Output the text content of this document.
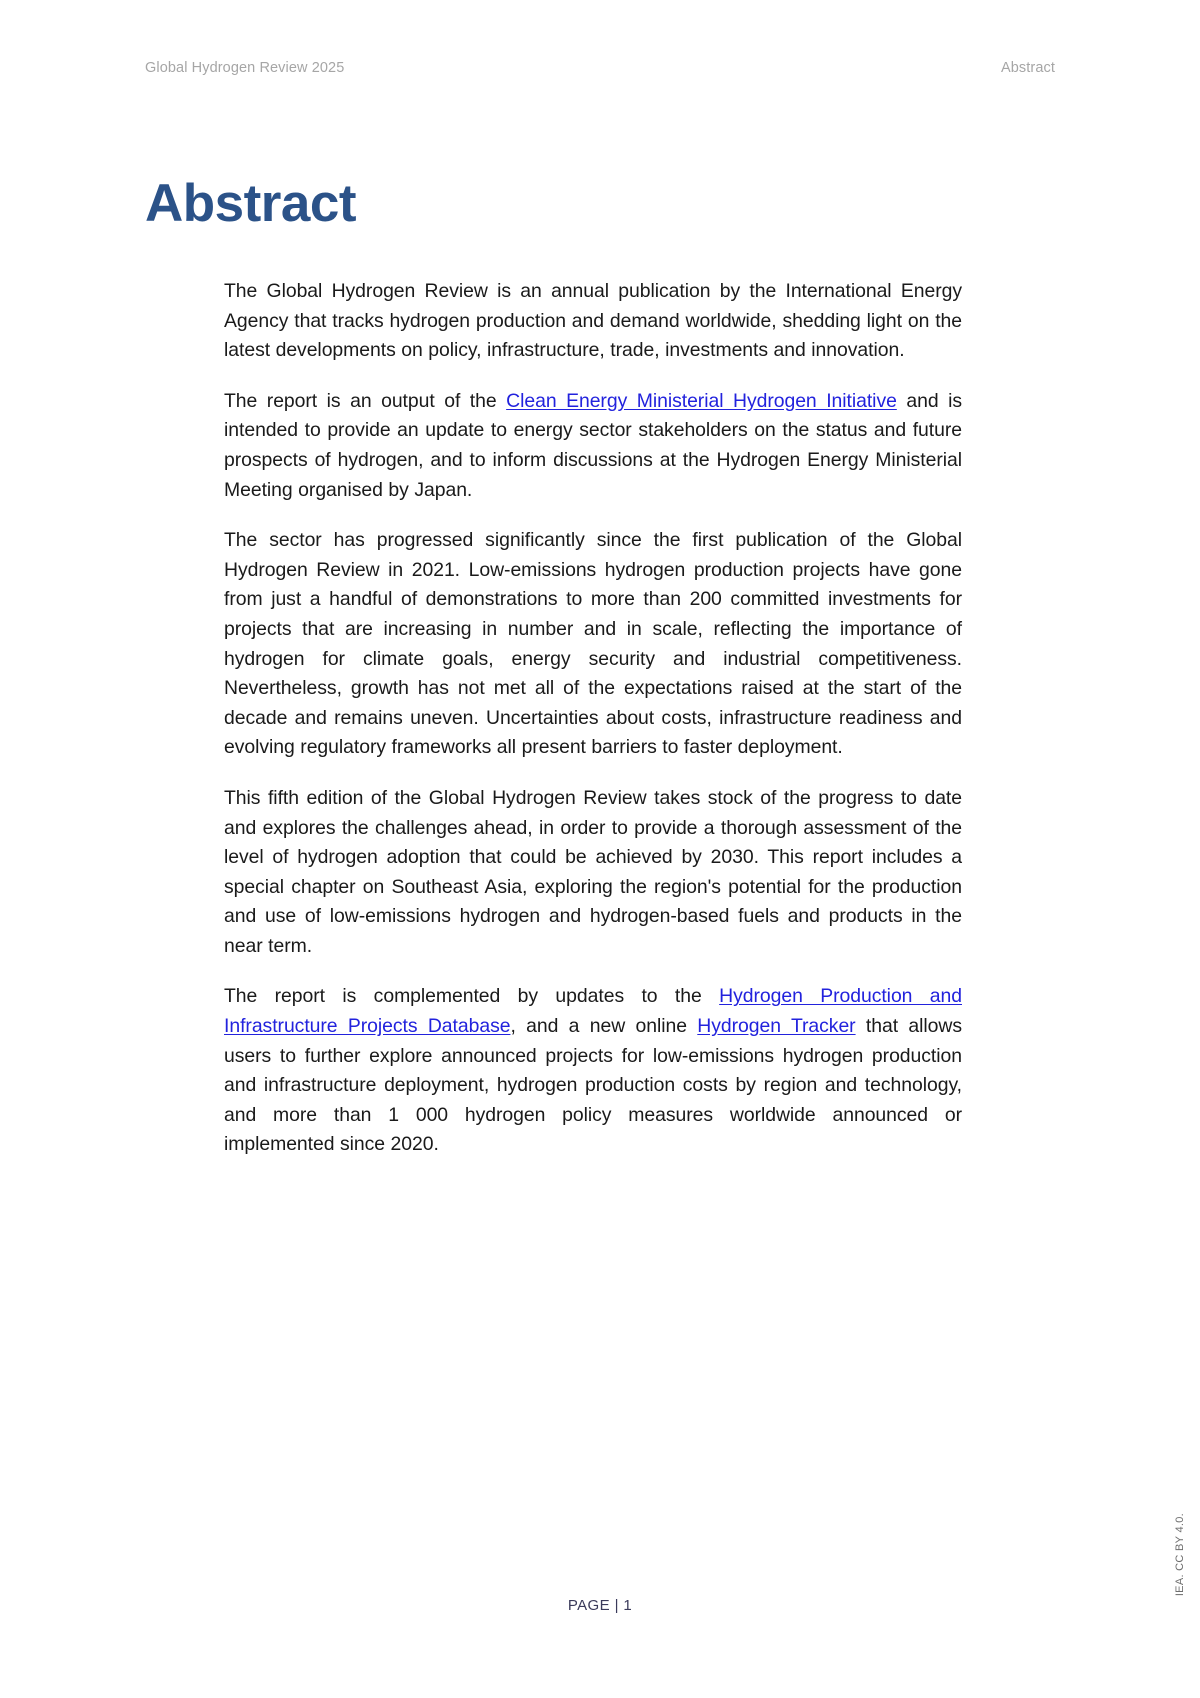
Global Hydrogen Review 2025	Abstract
Abstract

The Global Hydrogen Review is an annual publication by the International Energy Agency that tracks hydrogen production and demand worldwide, shedding light on the latest developments on policy, infrastructure, trade, investments and innovation.

The report is an output of the Clean Energy Ministerial Hydrogen Initiative and is intended to provide an update to energy sector stakeholders on the status and future prospects of hydrogen, and to inform discussions at the Hydrogen Energy Ministerial Meeting organised by Japan.

The sector has progressed significantly since the first publication of the Global Hydrogen Review in 2021. Low-emissions hydrogen production projects have gone from just a handful of demonstrations to more than 200 committed investments for projects that are increasing in number and in scale, reflecting the importance of hydrogen for climate goals, energy security and industrial competitiveness. Nevertheless, growth has not met all of the expectations raised at the start of the decade and remains uneven. Uncertainties about costs, infrastructure readiness and evolving regulatory frameworks all present barriers to faster deployment.

This fifth edition of the Global Hydrogen Review takes stock of the progress to date and explores the challenges ahead, in order to provide a thorough assessment of the level of hydrogen adoption that could be achieved by 2030. This report includes a special chapter on Southeast Asia, exploring the region's potential for the production and use of low-emissions hydrogen and hydrogen-based fuels and products in the near term.

The report is complemented by updates to the Hydrogen Production and Infrastructure Projects Database, and a new online Hydrogen Tracker that allows users to further explore announced projects for low-emissions hydrogen production and infrastructure deployment, hydrogen production costs by region and technology, and more than 1 000 hydrogen policy measures worldwide announced or implemented since 2020.

PAGE | 1
IEA. CC BY 4.0.
